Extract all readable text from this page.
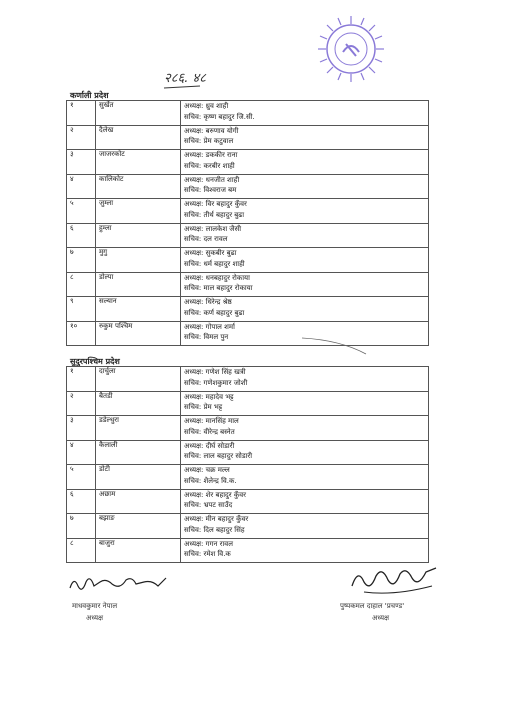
२८६. ४८
कर्णाली प्रदेश
१	सुर्खेत	अध्यक्ष: ध्रुव शाही
सचिव: कृष्ण बहादुर जि.सी.

२	दैलेख	अध्यक्ष: बरुणाव योगी
सचिव: प्रेम कटुवाल

३	जाजरकोट	अध्यक्ष: डककीर राना
सचिव: करबीर शाही

४	कालिकोट	अध्यक्ष: धनजीत शाही
सचिव: विश्वराज बम

५	जुम्ला	अध्यक्ष: विर बहादुर कुँवर
सचिव: तीर्थ बहादुर बुढा

६	हुम्ला	अध्यक्ष: लालकेश जैसी
सचिव: दल रावल

७	मुगु	अध्यक्ष: सुकबीर बुढा
सचिव: धर्म बहादुर शाही

८	डोल्पा	अध्यक्ष: धनबहादुर रोकाया
सचिव: माल बहादुर रोकाया

९	सल्यान	अध्यक्ष: धिरेन्द्र श्रेष्ठ
सचिव: कर्ण बहादुर बुढा

१०	रुकुम पश्चिम	अध्यक्ष: गोपाल शर्मा
सचिव: विमल पुन
सुदुरपश्चिम प्रदेश
१	दार्चुला	अध्यक्ष: गणेश सिंह खत्री
सचिव: गणेशकुमार जोशी

२	बैतडी	अध्यक्ष: महादेव भट्ट
सचिव: प्रेम भट्ट

३	डडेल्धुरा	अध्यक्ष: मानसिंह माल
सचिव: वीरेन्द्र बस्नेत

४	कैलाली	अध्यक्ष: दीर्घ सोडारी
सचिव: लाल बहादुर सोडारी

५	डोटी	अध्यक्ष: चक्र मल्ल
सचिव: शैलेन्द्र वि.क.

६	अछाम	अध्यक्ष: शेर बहादुर कुँवर
सचिव: भ्रपट साउँद

७	बझाङ	अध्यक्ष: मीन बहादुर कुँवर
सचिव: दिल बहादुर सिंह

८	बाजुरा	अध्यक्ष: गगन रावल
सचिव: रमेश वि.क
माधवकुमार नेपाल
अध्यक्ष
पुष्पकमल दाहाल 'प्रचण्ड'
अध्यक्ष
